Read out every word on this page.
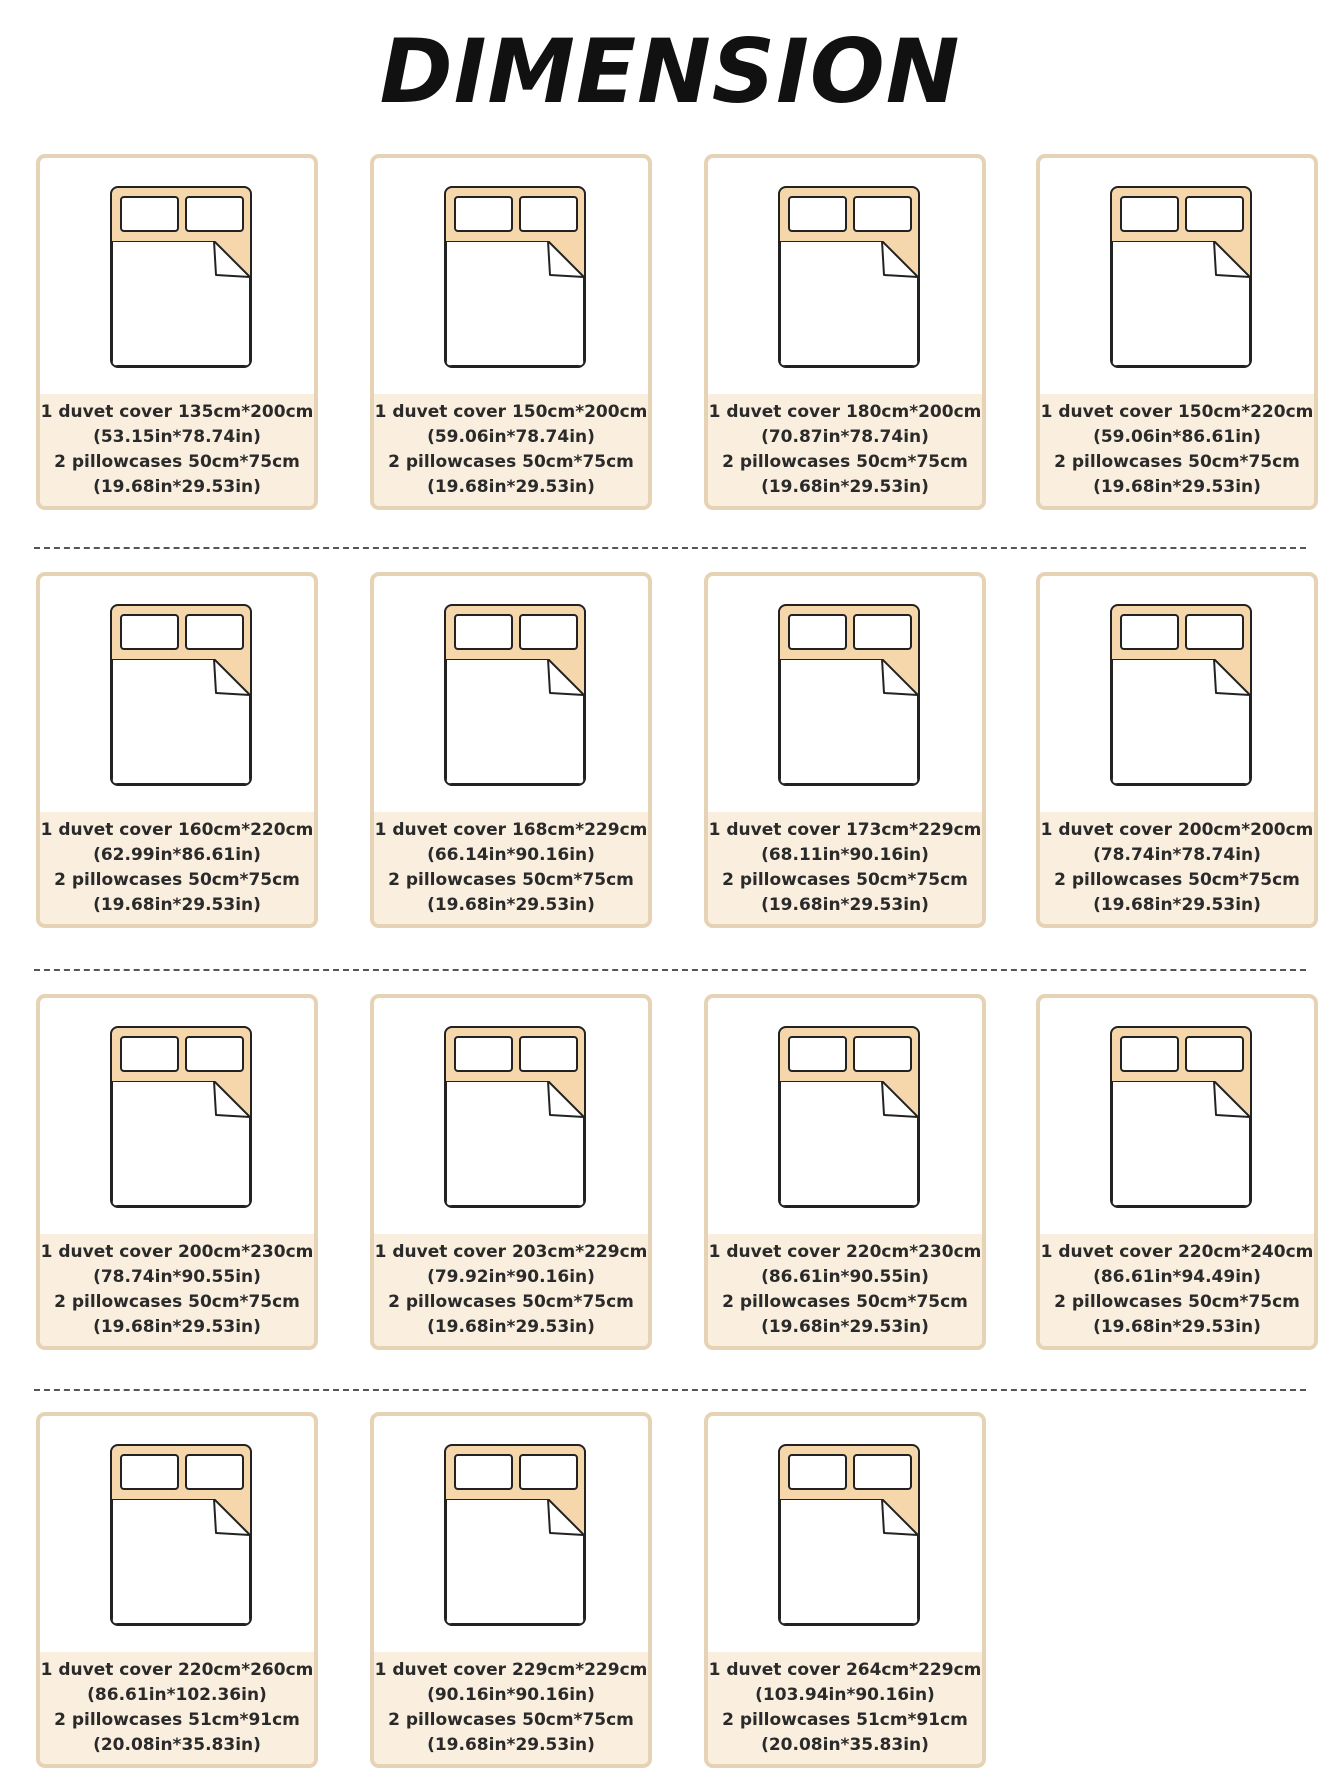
DIMENSION
1 duvet cover 135cm*200cm
(53.15in*78.74in)
2 pillowcases 50cm*75cm
(19.68in*29.53in)
1 duvet cover 150cm*200cm
(59.06in*78.74in)
2 pillowcases 50cm*75cm
(19.68in*29.53in)
1 duvet cover 180cm*200cm
(70.87in*78.74in)
2 pillowcases 50cm*75cm
(19.68in*29.53in)
1 duvet cover 150cm*220cm
(59.06in*86.61in)
2 pillowcases 50cm*75cm
(19.68in*29.53in)
1 duvet cover 160cm*220cm
(62.99in*86.61in)
2 pillowcases 50cm*75cm
(19.68in*29.53in)
1 duvet cover 168cm*229cm
(66.14in*90.16in)
2 pillowcases 50cm*75cm
(19.68in*29.53in)
1 duvet cover 173cm*229cm
(68.11in*90.16in)
2 pillowcases 50cm*75cm
(19.68in*29.53in)
1 duvet cover 200cm*200cm
(78.74in*78.74in)
2 pillowcases 50cm*75cm
(19.68in*29.53in)
1 duvet cover 200cm*230cm
(78.74in*90.55in)
2 pillowcases 50cm*75cm
(19.68in*29.53in)
1 duvet cover 203cm*229cm
(79.92in*90.16in)
2 pillowcases 50cm*75cm
(19.68in*29.53in)
1 duvet cover 220cm*230cm
(86.61in*90.55in)
2 pillowcases 50cm*75cm
(19.68in*29.53in)
1 duvet cover 220cm*240cm
(86.61in*94.49in)
2 pillowcases 50cm*75cm
(19.68in*29.53in)
1 duvet cover 220cm*260cm
(86.61in*102.36in)
2 pillowcases 51cm*91cm
(20.08in*35.83in)
1 duvet cover 229cm*229cm
(90.16in*90.16in)
2 pillowcases 50cm*75cm
(19.68in*29.53in)
1 duvet cover 264cm*229cm
(103.94in*90.16in)
2 pillowcases 51cm*91cm
(20.08in*35.83in)
